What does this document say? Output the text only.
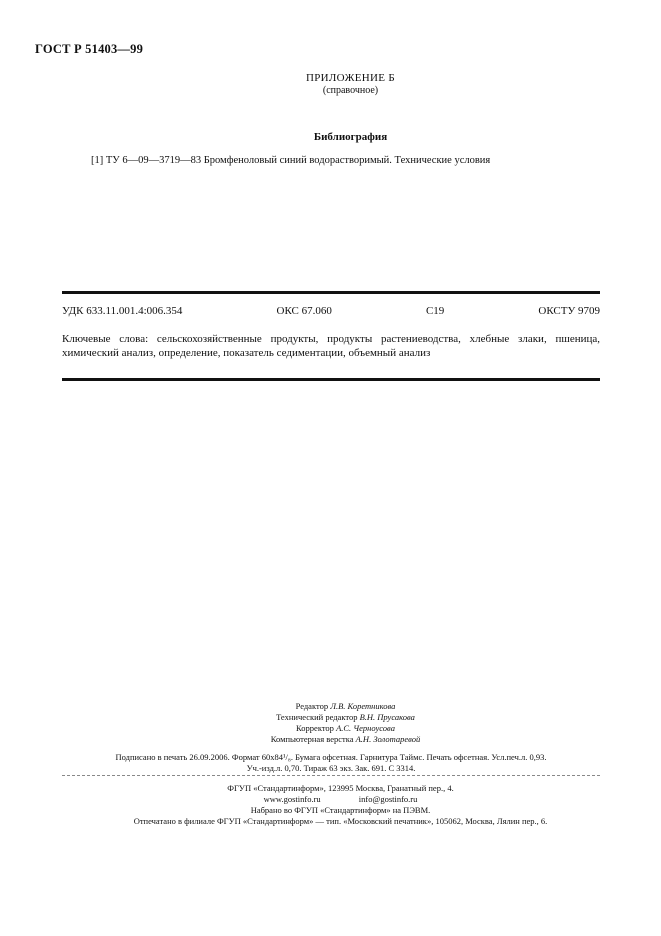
ГОСТ Р 51403—99
ПРИЛОЖЕНИЕ Б
(справочное)
Библиография
[1] ТУ 6—09—3719—83 Бромфеноловый синий водорастворимый. Технические условия
УДК 633.11.001.4:006.354	ОКС 67.060	С19	ОКСТУ 9709
Ключевые слова: сельскохозяйственные продукты, продукты растениеводства, хлебные злаки, пшеница, химический анализ, определение, показатель седиментации, объемный анализ
Редактор Л.В. Коретникова
Технический редактор В.Н. Прусакова
Корректор А.С. Черноусова
Компьютерная верстка А.Н. Золотаревой
Подписано в печать 26.09.2006. Формат 60x84¹/₈. Бумага офсетная. Гарнитура Таймс. Печать офсетная. Усл.печ.л. 0,93.
Уч.-изд.л. 0,70. Тираж 63 экз. Зак. 691. С 3314.
ФГУП «Стандартинформ», 123995 Москва, Гранатный пер., 4.
www.gostinfo.ru	info@gostinfo.ru
Набрано во ФГУП «Стандартинформ» на ПЭВМ.
Отпечатано в филиале ФГУП «Стандартинформ» — тип. «Московский печатник», 105062, Москва, Лялин пер., 6.
